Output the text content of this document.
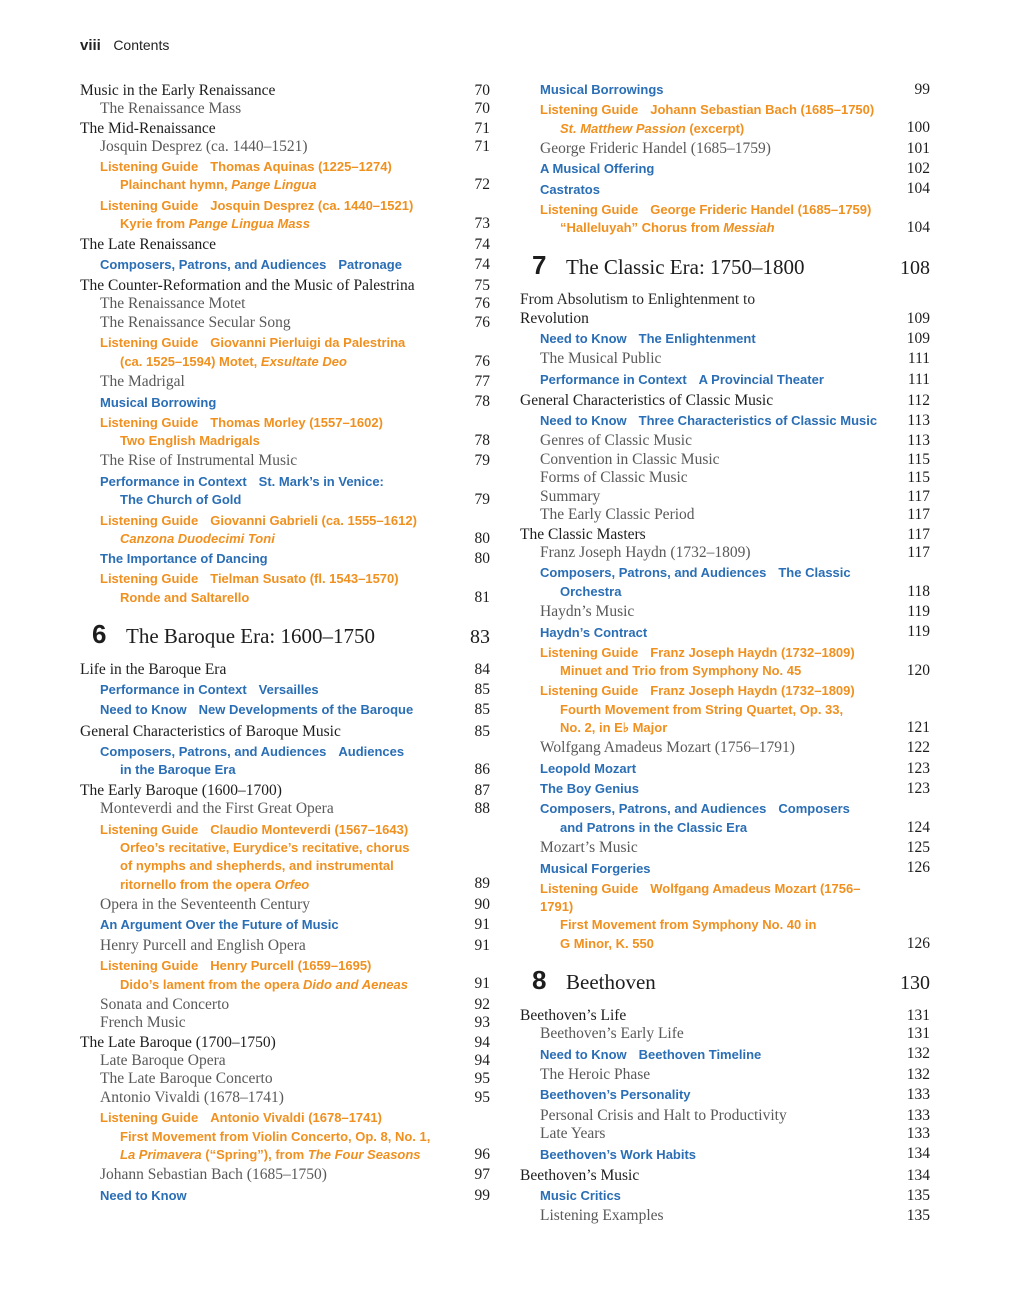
viii Contents
Music in the Early Renaissance	70
The Renaissance Mass	70
The Mid-Renaissance	71
Josquin Desprez (ca. 1440–1521)	71
Listening Guide Thomas Aquinas (1225–1274)
Plainchant hymn, Pange Lingua	72
Listening Guide Josquin Desprez (ca. 1440–1521)
Kyrie from Pange Lingua Mass	73
The Late Renaissance	74
Composers, Patrons, and Audiences Patronage	74
The Counter-Reformation and the Music of Palestrina	75
The Renaissance Motet	76
The Renaissance Secular Song	76
Listening Guide Giovanni Pierluigi da Palestrina
(ca. 1525–1594) Motet, Exsultate Deo	76
The Madrigal	77
Musical Borrowing	78
Listening Guide Thomas Morley (1557–1602)
Two English Madrigals	78
The Rise of Instrumental Music	79
Performance in Context St. Mark’s in Venice:
The Church of Gold	79
Listening Guide Giovanni Gabrieli (ca. 1555–1612)
Canzona Duodecimi Toni	80
The Importance of Dancing	80
Listening Guide Tielman Susato (fl. 1543–1570)
Ronde and Saltarello	81
6 The Baroque Era: 1600–1750	83
Life in the Baroque Era	84
Performance in Context Versailles	85
Need to Know New Developments of the Baroque	85
General Characteristics of Baroque Music	85
Composers, Patrons, and Audiences Audiences
in the Baroque Era	86
The Early Baroque (1600–1700)	87
Monteverdi and the First Great Opera	88
Listening Guide Claudio Monteverdi (1567–1643)
Orfeo’s recitative, Eurydice’s recitative, chorus
of nymphs and shepherds, and instrumental
ritornello from the opera Orfeo	89
Opera in the Seventeenth Century	90
An Argument Over the Future of Music	91
Henry Purcell and English Opera	91
Listening Guide Henry Purcell (1659–1695)
Dido’s lament from the opera Dido and Aeneas	91
Sonata and Concerto	92
French Music	93
The Late Baroque (1700–1750)	94
Late Baroque Opera	94
The Late Baroque Concerto	95
Antonio Vivaldi (1678–1741)	95
Listening Guide Antonio Vivaldi (1678–1741)
First Movement from Violin Concerto, Op. 8, No. 1,
La Primavera (“Spring”), from The Four Seasons	96
Johann Sebastian Bach (1685–1750)	97
Need to Know	99
Musical Borrowings	99
Listening Guide Johann Sebastian Bach (1685–1750)
St. Matthew Passion (excerpt)	100
George Frideric Handel (1685–1759)	101
A Musical Offering	102
Castratos	104
Listening Guide George Frideric Handel (1685–1759)
“Halleluyah” Chorus from Messiah	104
7 The Classic Era: 1750–1800	108
From Absolutism to Enlightenment to
Revolution	109
Need to Know The Enlightenment	109
The Musical Public	111
Performance in Context A Provincial Theater	111
General Characteristics of Classic Music	112
Need to Know Three Characteristics of Classic Music	113
Genres of Classic Music	113
Convention in Classic Music	115
Forms of Classic Music	115
Summary	117
The Early Classic Period	117
The Classic Masters	117
Franz Joseph Haydn (1732–1809)	117
Composers, Patrons, and Audiences The Classic
Orchestra	118
Haydn’s Music	119
Haydn’s Contract	119
Listening Guide Franz Joseph Haydn (1732–1809)
Minuet and Trio from Symphony No. 45	120
Listening Guide Franz Joseph Haydn (1732–1809)
Fourth Movement from String Quartet, Op. 33,
No. 2, in E♭ Major	121
Wolfgang Amadeus Mozart (1756–1791)	122
Leopold Mozart	123
The Boy Genius	123
Composers, Patrons, and Audiences Composers
and Patrons in the Classic Era	124
Mozart’s Music	125
Musical Forgeries	126
Listening Guide Wolfgang Amadeus Mozart (1756–1791)
First Movement from Symphony No. 40 in
G Minor, K. 550	126
8 Beethoven	130
Beethoven’s Life	131
Beethoven’s Early Life	131
Need to Know Beethoven Timeline	132
The Heroic Phase	132
Beethoven’s Personality	133
Personal Crisis and Halt to Productivity	133
Late Years	133
Beethoven’s Work Habits	134
Beethoven’s Music	134
Music Critics	135
Listening Examples	135
